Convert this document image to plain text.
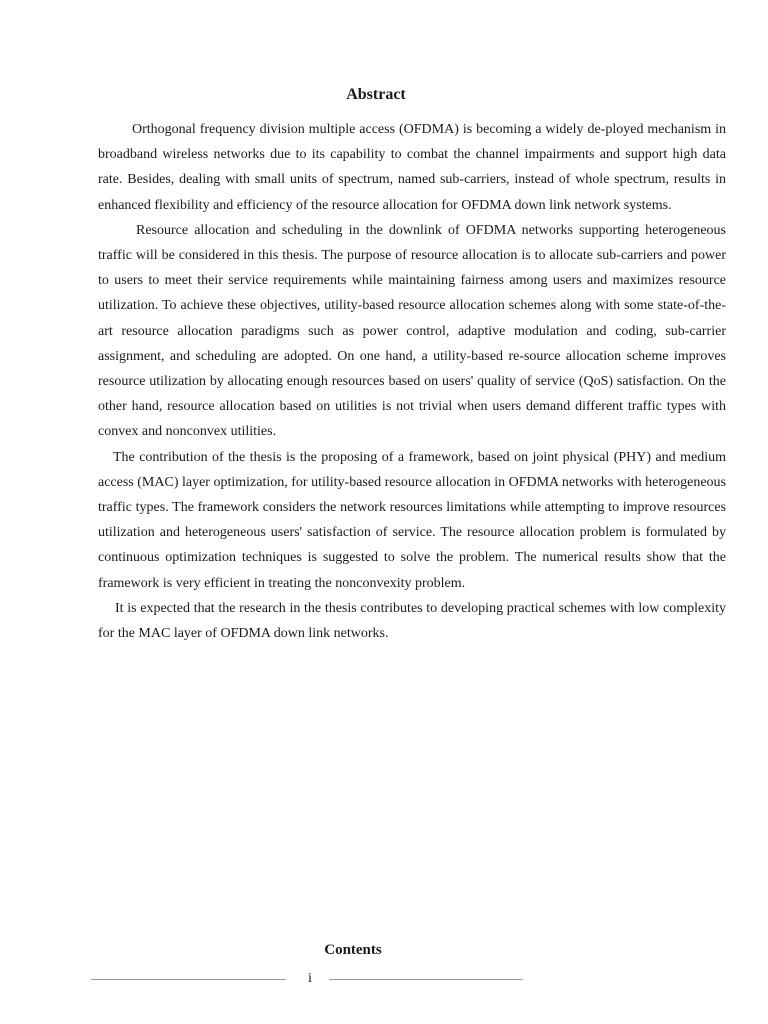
Abstract

Orthogonal frequency division multiple access (OFDMA) is becoming a widely de-ployed mechanism in broadband wireless networks due to its capability to combat the channel impairments and support high data rate. Besides, dealing with small units of spectrum, named sub-carriers, instead of whole spectrum, results in enhanced flexibility and efficiency of the resource allocation for OFDMA down link network systems.

Resource allocation and scheduling in the downlink of OFDMA networks supporting heterogeneous traffic will be considered in this thesis. The purpose of resource allocation is to allocate sub-carriers and power to users to meet their service requirements while maintaining fairness among users and maximizes resource utilization. To achieve these objectives, utility-based resource allocation schemes along with some state-of-the-art resource allocation paradigms such as power control, adaptive modulation and coding, sub-carrier assignment, and scheduling are adopted. On one hand, a utility-based re-source allocation scheme improves resource utilization by allocating enough resources based on users' quality of service (QoS) satisfaction. On the other hand, resource allocation based on utilities is not trivial when users demand different traffic types with convex and nonconvex utilities.

The contribution of the thesis is the proposing of a framework, based on joint physical (PHY) and medium access (MAC) layer optimization, for utility-based resource allocation in OFDMA networks with heterogeneous traffic types. The framework considers the network resources limitations while attempting to improve resources utilization and heterogeneous users' satisfaction of service. The resource allocation problem is formulated by continuous optimization techniques is suggested to solve the problem. The numerical results show that the framework is very efficient in treating the nonconvexity problem.

It is expected that the research in the thesis contributes to developing practical schemes with low complexity for the MAC layer of OFDMA down link networks.

Contents
i
